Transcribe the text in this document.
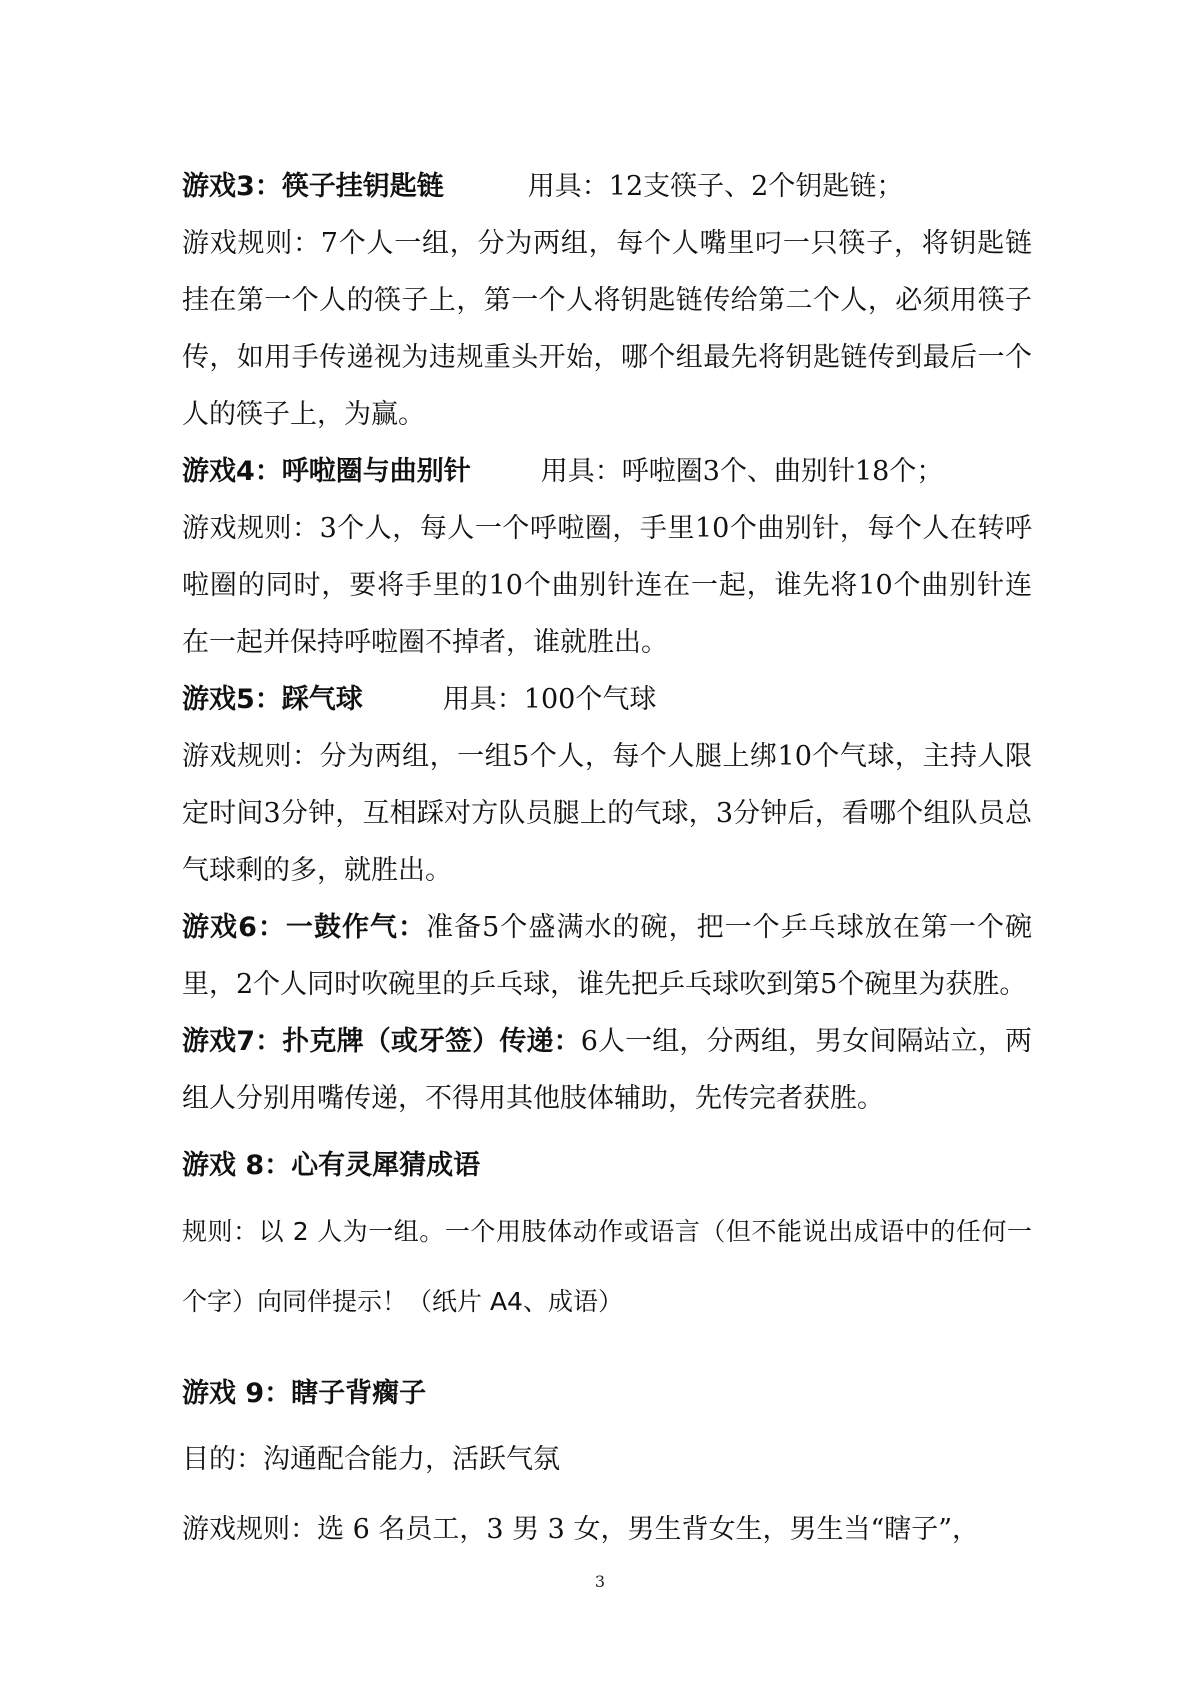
游戏3：筷子挂钥匙链	用具：12支筷子、2个钥匙链；

游戏规则：7个人一组，分为两组，每个人嘴里叼一只筷子，将钥匙链挂在第一个人的筷子上，第一个人将钥匙链传给第二个人，必须用筷子传，如用手传递视为违规重头开始，哪个组最先将钥匙链传到最后一个人的筷子上，为赢。

游戏4：呼啦圈与曲别针	用具：呼啦圈3个、曲别针18个；

游戏规则：3个人，每人一个呼啦圈，手里10个曲别针，每个人在转呼啦圈的同时，要将手里的10个曲别针连在一起，谁先将10个曲别针连在一起并保持呼啦圈不掉者，谁就胜出。

游戏5：踩气球	用具：100个气球

游戏规则：分为两组，一组5个人，每个人腿上绑10个气球，主持人限定时间3分钟，互相踩对方队员腿上的气球，3分钟后，看哪个组队员总气球剩的多，就胜出。

游戏6：一鼓作气：准备5个盛满水的碗，把一个乒乓球放在第一个碗里，2个人同时吹碗里的乒乓球，谁先把乒乓球吹到第5个碗里为获胜。

游戏7：扑克牌（或牙签）传递：6人一组，分两组，男女间隔站立，两组人分别用嘴传递，不得用其他肢体辅助，先传完者获胜。

游戏 8：心有灵犀猜成语

规则：以 2 人为一组。一个用肢体动作或语言（但不能说出成语中的任何一个字）向同伴提示！（纸片 A4、成语）

游戏 9：瞎子背瘸子

目的：沟通配合能力，活跃气氛

游戏规则：选 6 名员工，3 男 3 女，男生背女生，男生当“瞎子”，

3
